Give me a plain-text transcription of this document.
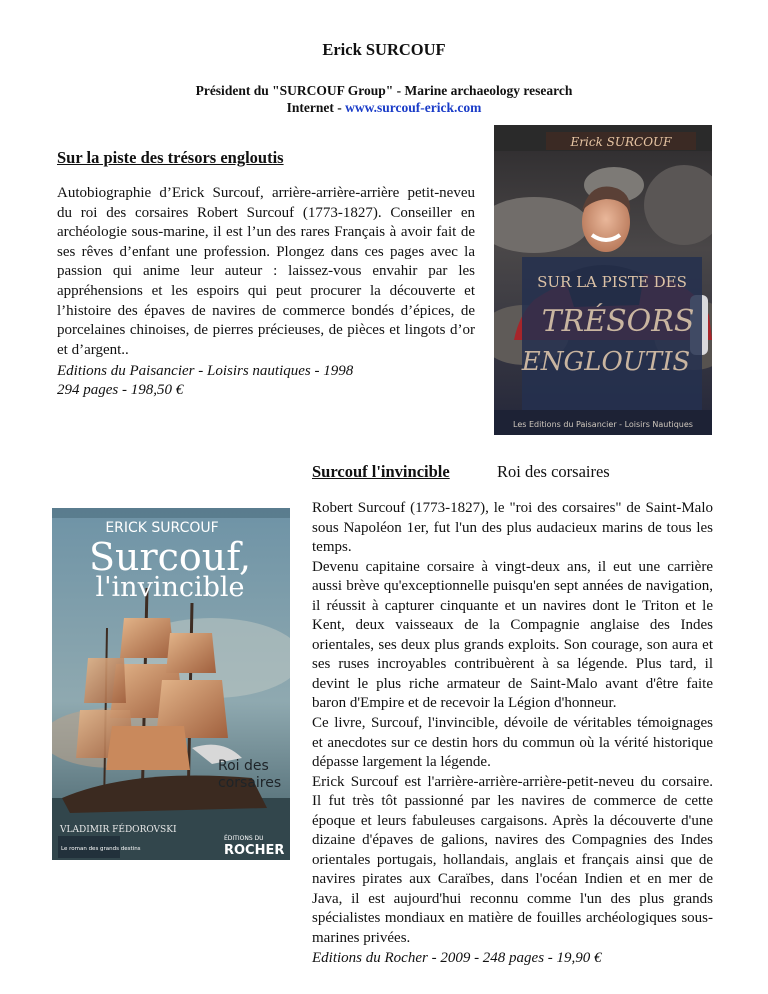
Erick SURCOUF
Président du "SURCOUF Group" - Marine archaeology research
Internet - www.surcouf-erick.com
Sur la piste des trésors engloutis
Autobiographie d’Erick Surcouf, arrière-arrière-arrière petit-neveu du roi des corsaires Robert Surcouf (1773-1827). Conseiller en archéologie sous-marine, il est l’un des rares Français à avoir fait de ses rêves d’enfant une profession. Plongez dans ces pages avec la passion qui anime leur auteur : laissez-vous envahir par les appréhensions et les espoirs qui peut procurer la découverte et l’histoire des épaves de navires de commerce bondés d’épices, de porcelaines chinoises, de pierres précieuses, de pièces et lingots d’or et d’argent..
Editions du Paisancier - Loisirs nautiques - 1998
294 pages - 198,50 €
Erick SURCOUF
SUR LA PISTE DES
TRÉSORS
ENGLOUTIS
Les Editions du Paisancier - Loisirs Nautiques
Surcouf l'invincible	Roi des corsaires

Robert Surcouf (1773-1827), le "roi des corsaires" de Saint-Malo sous Napoléon 1er, fut l'un des plus audacieux marins de tous les temps.

Devenu capitaine corsaire à vingt-deux ans, il eut une carrière aussi brève qu'exceptionnelle puisqu'en sept années de navigation, il réussit à capturer cinquante et un navires dont le Triton et le Kent, deux vaisseaux de la Compagnie anglaise des Indes orientales, ses deux plus grands exploits. Son courage, son aura et ses ruses incroyables contribuèrent à sa légende. Plus tard, il devint le plus riche armateur de Saint-Malo avant d'être faite baron d'Empire et de recevoir la Légion d'honneur.

Ce livre, Surcouf, l'invincible, dévoile de véritables témoignages et anecdotes sur ce destin hors du commun où la vérité historique dépasse largement la légende.

Erick Surcouf est l'arrière-arrière-arrière-petit-neveu du corsaire. Il fut très tôt passionné par les navires de commerce de cette époque et leurs fabuleuses cargaisons. Après la découverte d'une dizaine d'épaves de galions, navires des Compagnies des Indes orientales portugais, hollandais, anglais et français ainsi que de navires pirates aux Caraïbes, dans l'océan Indien et en mer de Java, il est aujourd'hui reconnu comme l'un des plus grands spécialistes mondiaux en matière de fouilles archéologiques sous-marines privées.

Editions du Rocher - 2009 - 248 pages - 19,90 €

ERICK SURCOUF
Surcouf,
l'invincible
Roi des
corsaires
VLADIMIR FÉDOROVSKI
Le roman des grands destins
ÉDITIONS DU
ROCHER
